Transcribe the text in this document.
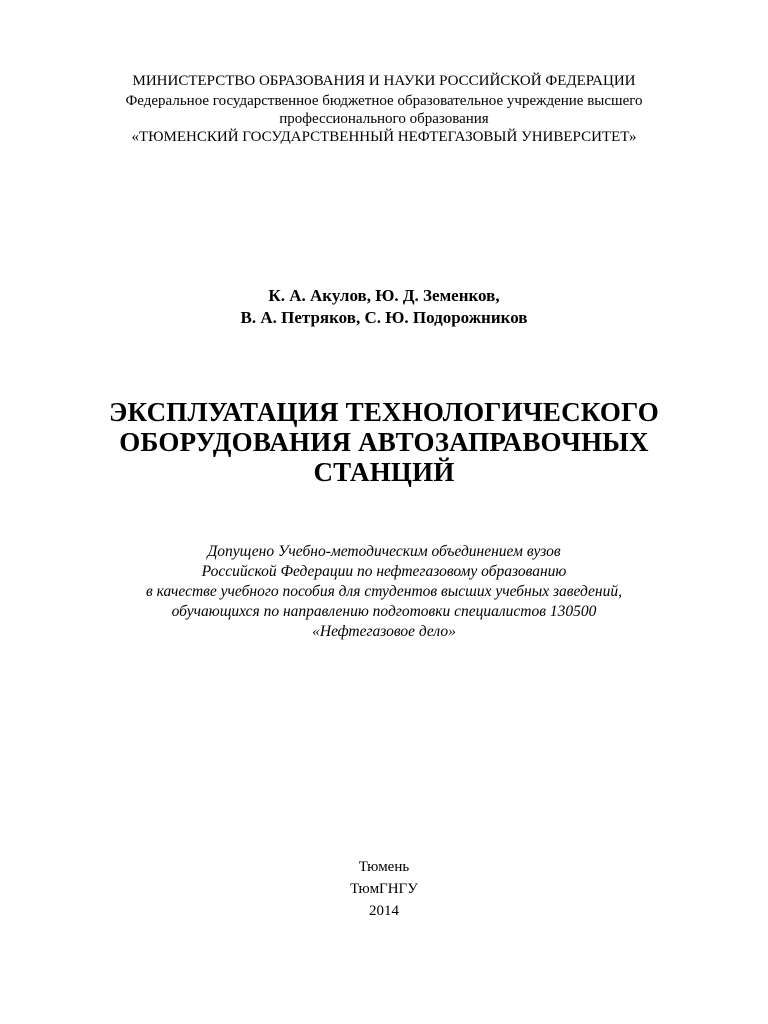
МИНИСТЕРСТВО ОБРАЗОВАНИЯ И НАУКИ РОССИЙСКОЙ ФЕДЕРАЦИИ
Федеральное государственное бюджетное образовательное учреждение высшего
профессионального образования
«ТЮМЕНСКИЙ ГОСУДАРСТВЕННЫЙ НЕФТЕГАЗОВЫЙ УНИВЕРСИТЕТ»
К. А. Акулов, Ю. Д. Земенков,
В. А. Петряков, С. Ю. Подорожников
ЭКСПЛУАТАЦИЯ ТЕХНОЛОГИЧЕСКОГО
ОБОРУДОВАНИЯ АВТОЗАПРАВОЧНЫХ
СТАНЦИЙ
Допущено Учебно-методическим объединением вузов
Российской Федерации по нефтегазовому образованию
в качестве учебного пособия для студентов высших учебных заведений,
обучающихся по направлению подготовки специалистов 130500
«Нефтегазовое дело»
Тюмень
ТюмГНГУ
2014
